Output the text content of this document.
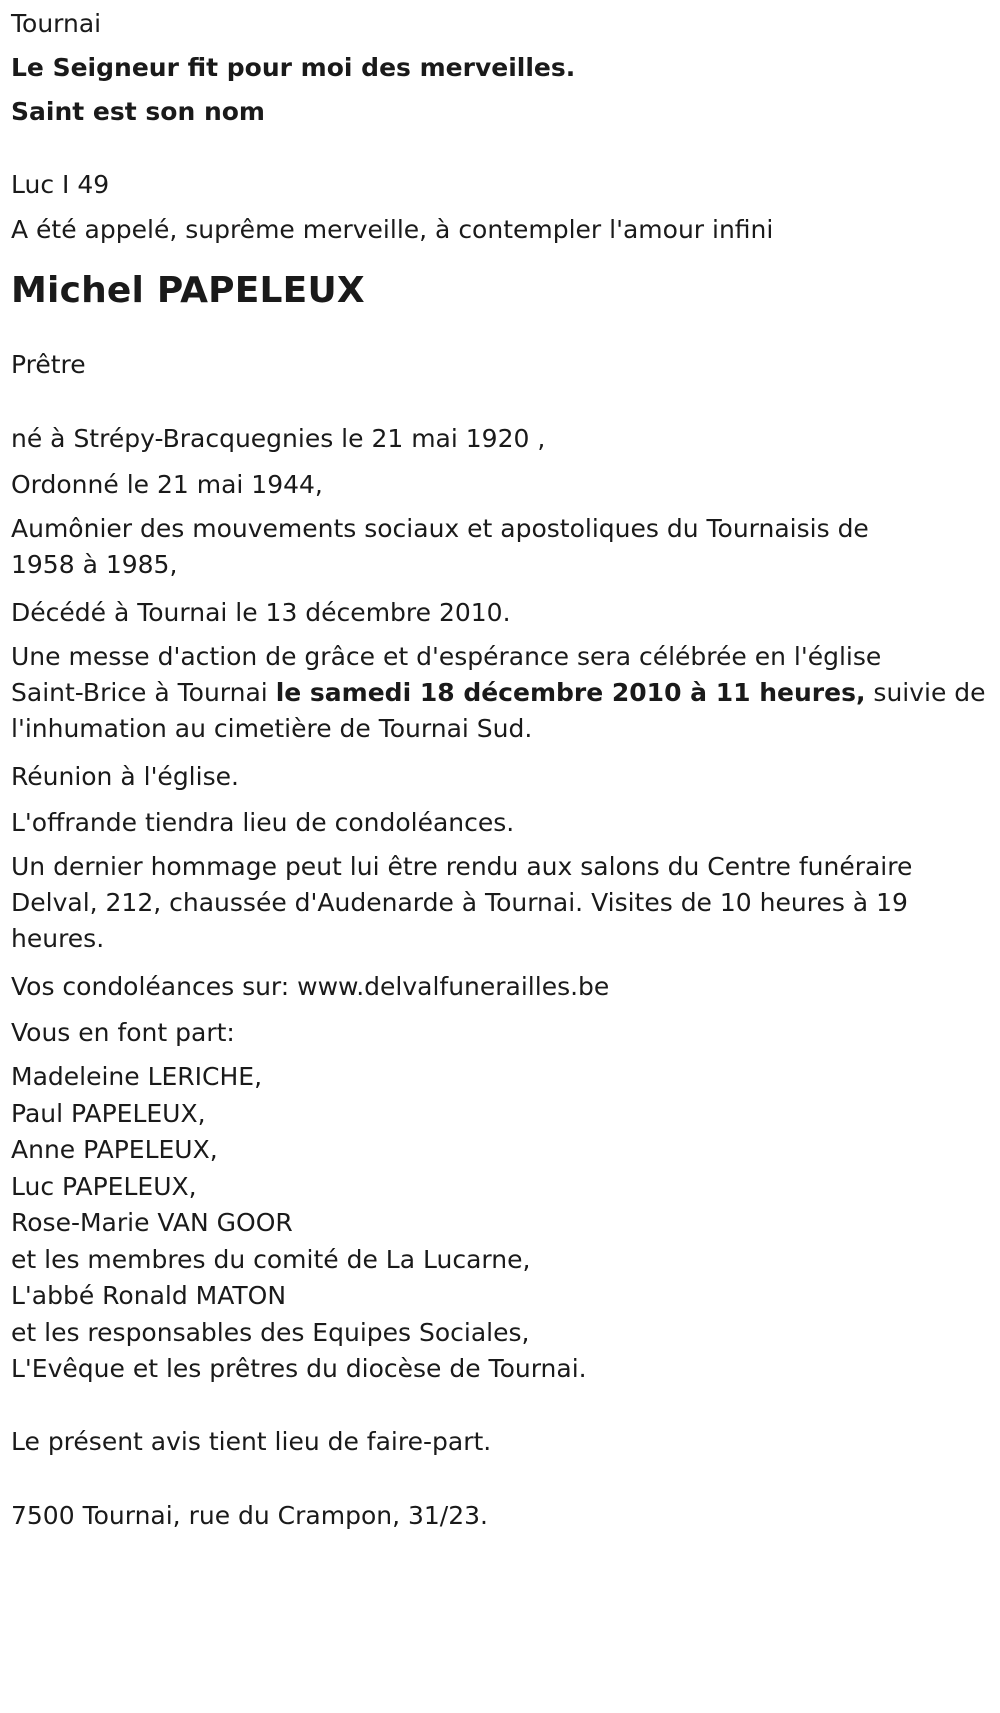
Tournai
Le Seigneur fit pour moi des merveilles.
Saint est son nom
Luc I 49
A été appelé, suprême merveille, à contempler l'amour infini
Michel PAPELEUX
Prêtre
né à Strépy-Bracquegnies le 21 mai 1920 ,
Ordonné le 21 mai 1944,
Aumônier des mouvements sociaux et apostoliques du Tournaisis de
1958 à 1985,
Décédé à Tournai le 13 décembre 2010.
Une messe d'action de grâce et d'espérance sera célébrée en l'église
Saint-Brice à Tournai le samedi 18 décembre 2010 à 11 heures, suivie de
l'inhumation au cimetière de Tournai Sud.
Réunion à l'église.
L'offrande tiendra lieu de condoléances.
Un dernier hommage peut lui être rendu aux salons du Centre funéraire
Delval, 212, chaussée d'Audenarde à Tournai. Visites de 10 heures à 19
heures.
Vos condoléances sur: www.delvalfunerailles.be
Vous en font part:
Madeleine LERICHE,
Paul PAPELEUX,
Anne PAPELEUX,
Luc PAPELEUX,
Rose-Marie VAN GOOR
et les membres du comité de La Lucarne,
L'abbé Ronald MATON
et les responsables des Equipes Sociales,
L'Evêque et les prêtres du diocèse de Tournai.
Le présent avis tient lieu de faire-part.
7500 Tournai, rue du Crampon, 31/23.
